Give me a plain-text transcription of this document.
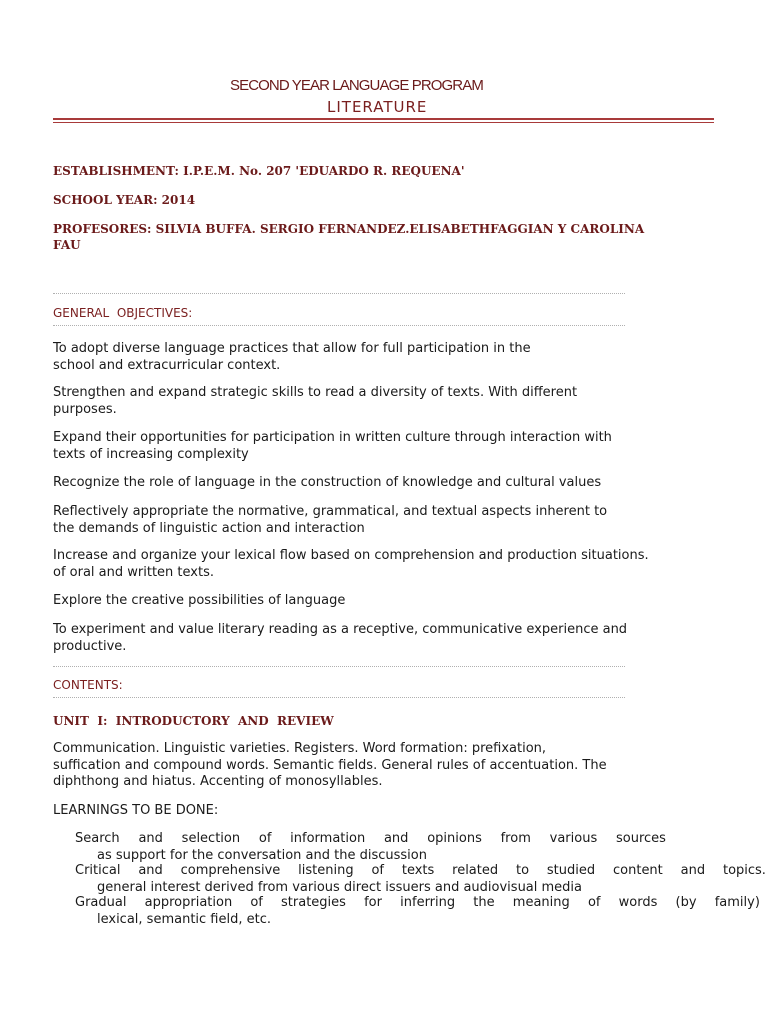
SECOND YEAR LANGUAGE PROGRAM
LITERATURE
ESTABLISHMENT: I.P.E.M. No. 207 'EDUARDO R. REQUENA'
SCHOOL YEAR: 2014
PROFESORES: SILVIA BUFFA. SERGIO FERNANDEZ.ELISABETHFAGGIAN Y CAROLINA
FAU
GENERAL  OBJECTIVES:
To adopt diverse language practices that allow for full participation in the
school and extracurricular context.
Strengthen and expand strategic skills to read a diversity of texts. With different
purposes.
Expand their opportunities for participation in written culture through interaction with
texts of increasing complexity
Recognize the role of language in the construction of knowledge and cultural values
Reflectively appropriate the normative, grammatical, and textual aspects inherent to
the demands of linguistic action and interaction
Increase and organize your lexical flow based on comprehension and production situations.
of oral and written texts.
Explore the creative possibilities of language
To experiment and value literary reading as a receptive, communicative experience and
productive.
CONTENTS:
UNIT  I:  INTRODUCTORY  AND  REVIEW
Communication. Linguistic varieties. Registers. Word formation: prefixation,
suffication and compound words. Semantic fields. General rules of accentuation. The
diphthong and hiatus. Accenting of monosyllables.
LEARNINGS TO BE DONE:
Search and selection of information and opinions from various sources
as support for the conversation and the discussion
Critical and comprehensive listening of texts related to studied content and topics.
general interest derived from various direct issuers and audiovisual media
Gradual appropriation of strategies for inferring the meaning of words (by family)
lexical, semantic field, etc.
